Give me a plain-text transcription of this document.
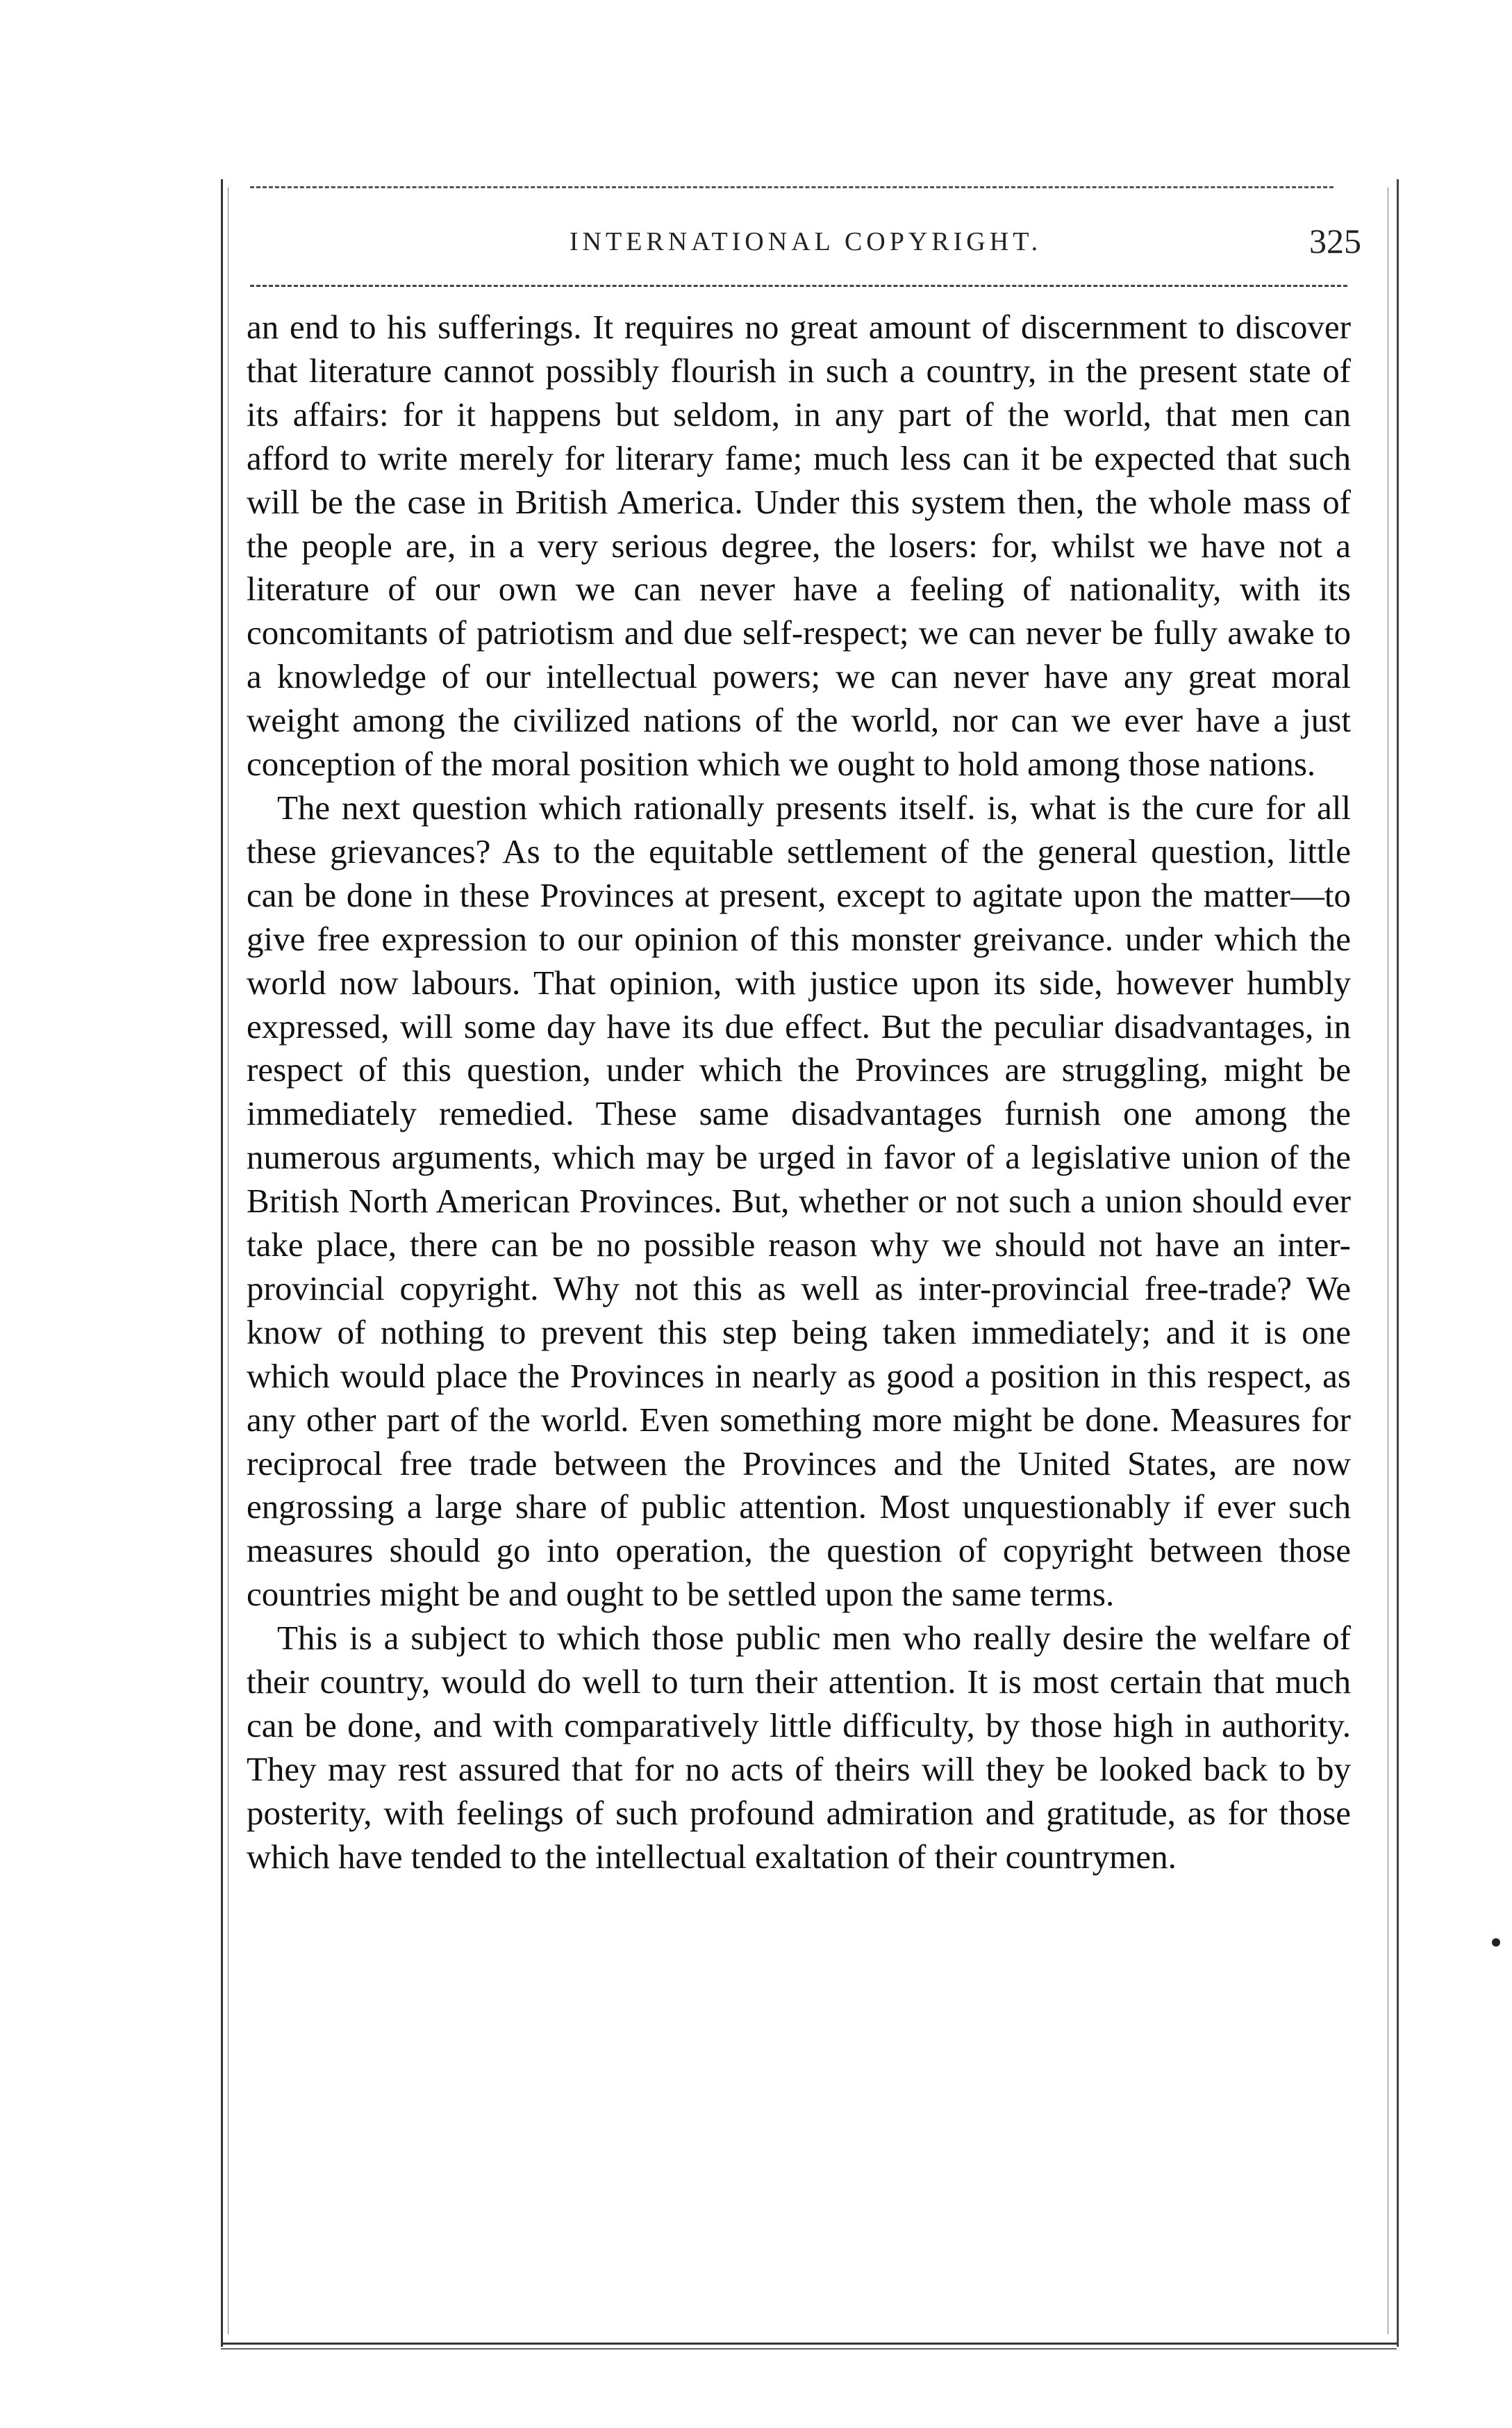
INTERNATIONAL COPYRIGHT.	325

an end to his sufferings. It requires no great amount of discernment to discover that literature cannot possibly flourish in such a country, in the present state of its affairs: for it happens but seldom, in any part of the world, that men can afford to write merely for literary fame; much less can it be expected that such will be the case in British America. Under this system then, the whole mass of the people are, in a very serious degree, the losers: for, whilst we have not a literature of our own we can never have a feeling of nationality, with its concomitants of patriotism and due self-respect; we can never be fully awake to a knowledge of our intellectual powers; we can never have any great moral weight among the civilized nations of the world, nor can we ever have a just conception of the moral position which we ought to hold among those nations.

The next question which rationally presents itself. is, what is the cure for all these grievances? As to the equitable settlement of the general question, little can be done in these Provinces at present, except to agitate upon the matter—to give free expression to our opinion of this monster greivance. under which the world now labours. That opinion, with justice upon its side, however humbly expressed, will some day have its due effect. But the peculiar disadvantages, in respect of this question, under which the Provinces are struggling, might be immediately remedied. These same disadvantages furnish one among the numerous arguments, which may be urged in favor of a legislative union of the British North American Provinces. But, whether or not such a union should ever take place, there can be no possible reason why we should not have an inter-provincial copyright. Why not this as well as inter-provincial free-trade? We know of nothing to prevent this step being taken immediately; and it is one which would place the Provinces in nearly as good a position in this respect, as any other part of the world. Even something more might be done. Measures for reciprocal free trade between the Provinces and the United States, are now engrossing a large share of public attention. Most unquestionably if ever such measures should go into operation, the question of copyright between those countries might be and ought to be settled upon the same terms.

This is a subject to which those public men who really desire the welfare of their country, would do well to turn their attention. It is most certain that much can be done, and with comparatively little difficulty, by those high in authority. They may rest assured that for no acts of theirs will they be looked back to by posterity, with feelings of such profound admiration and gratitude, as for those which have tended to the intellectual exaltation of their countrymen.
